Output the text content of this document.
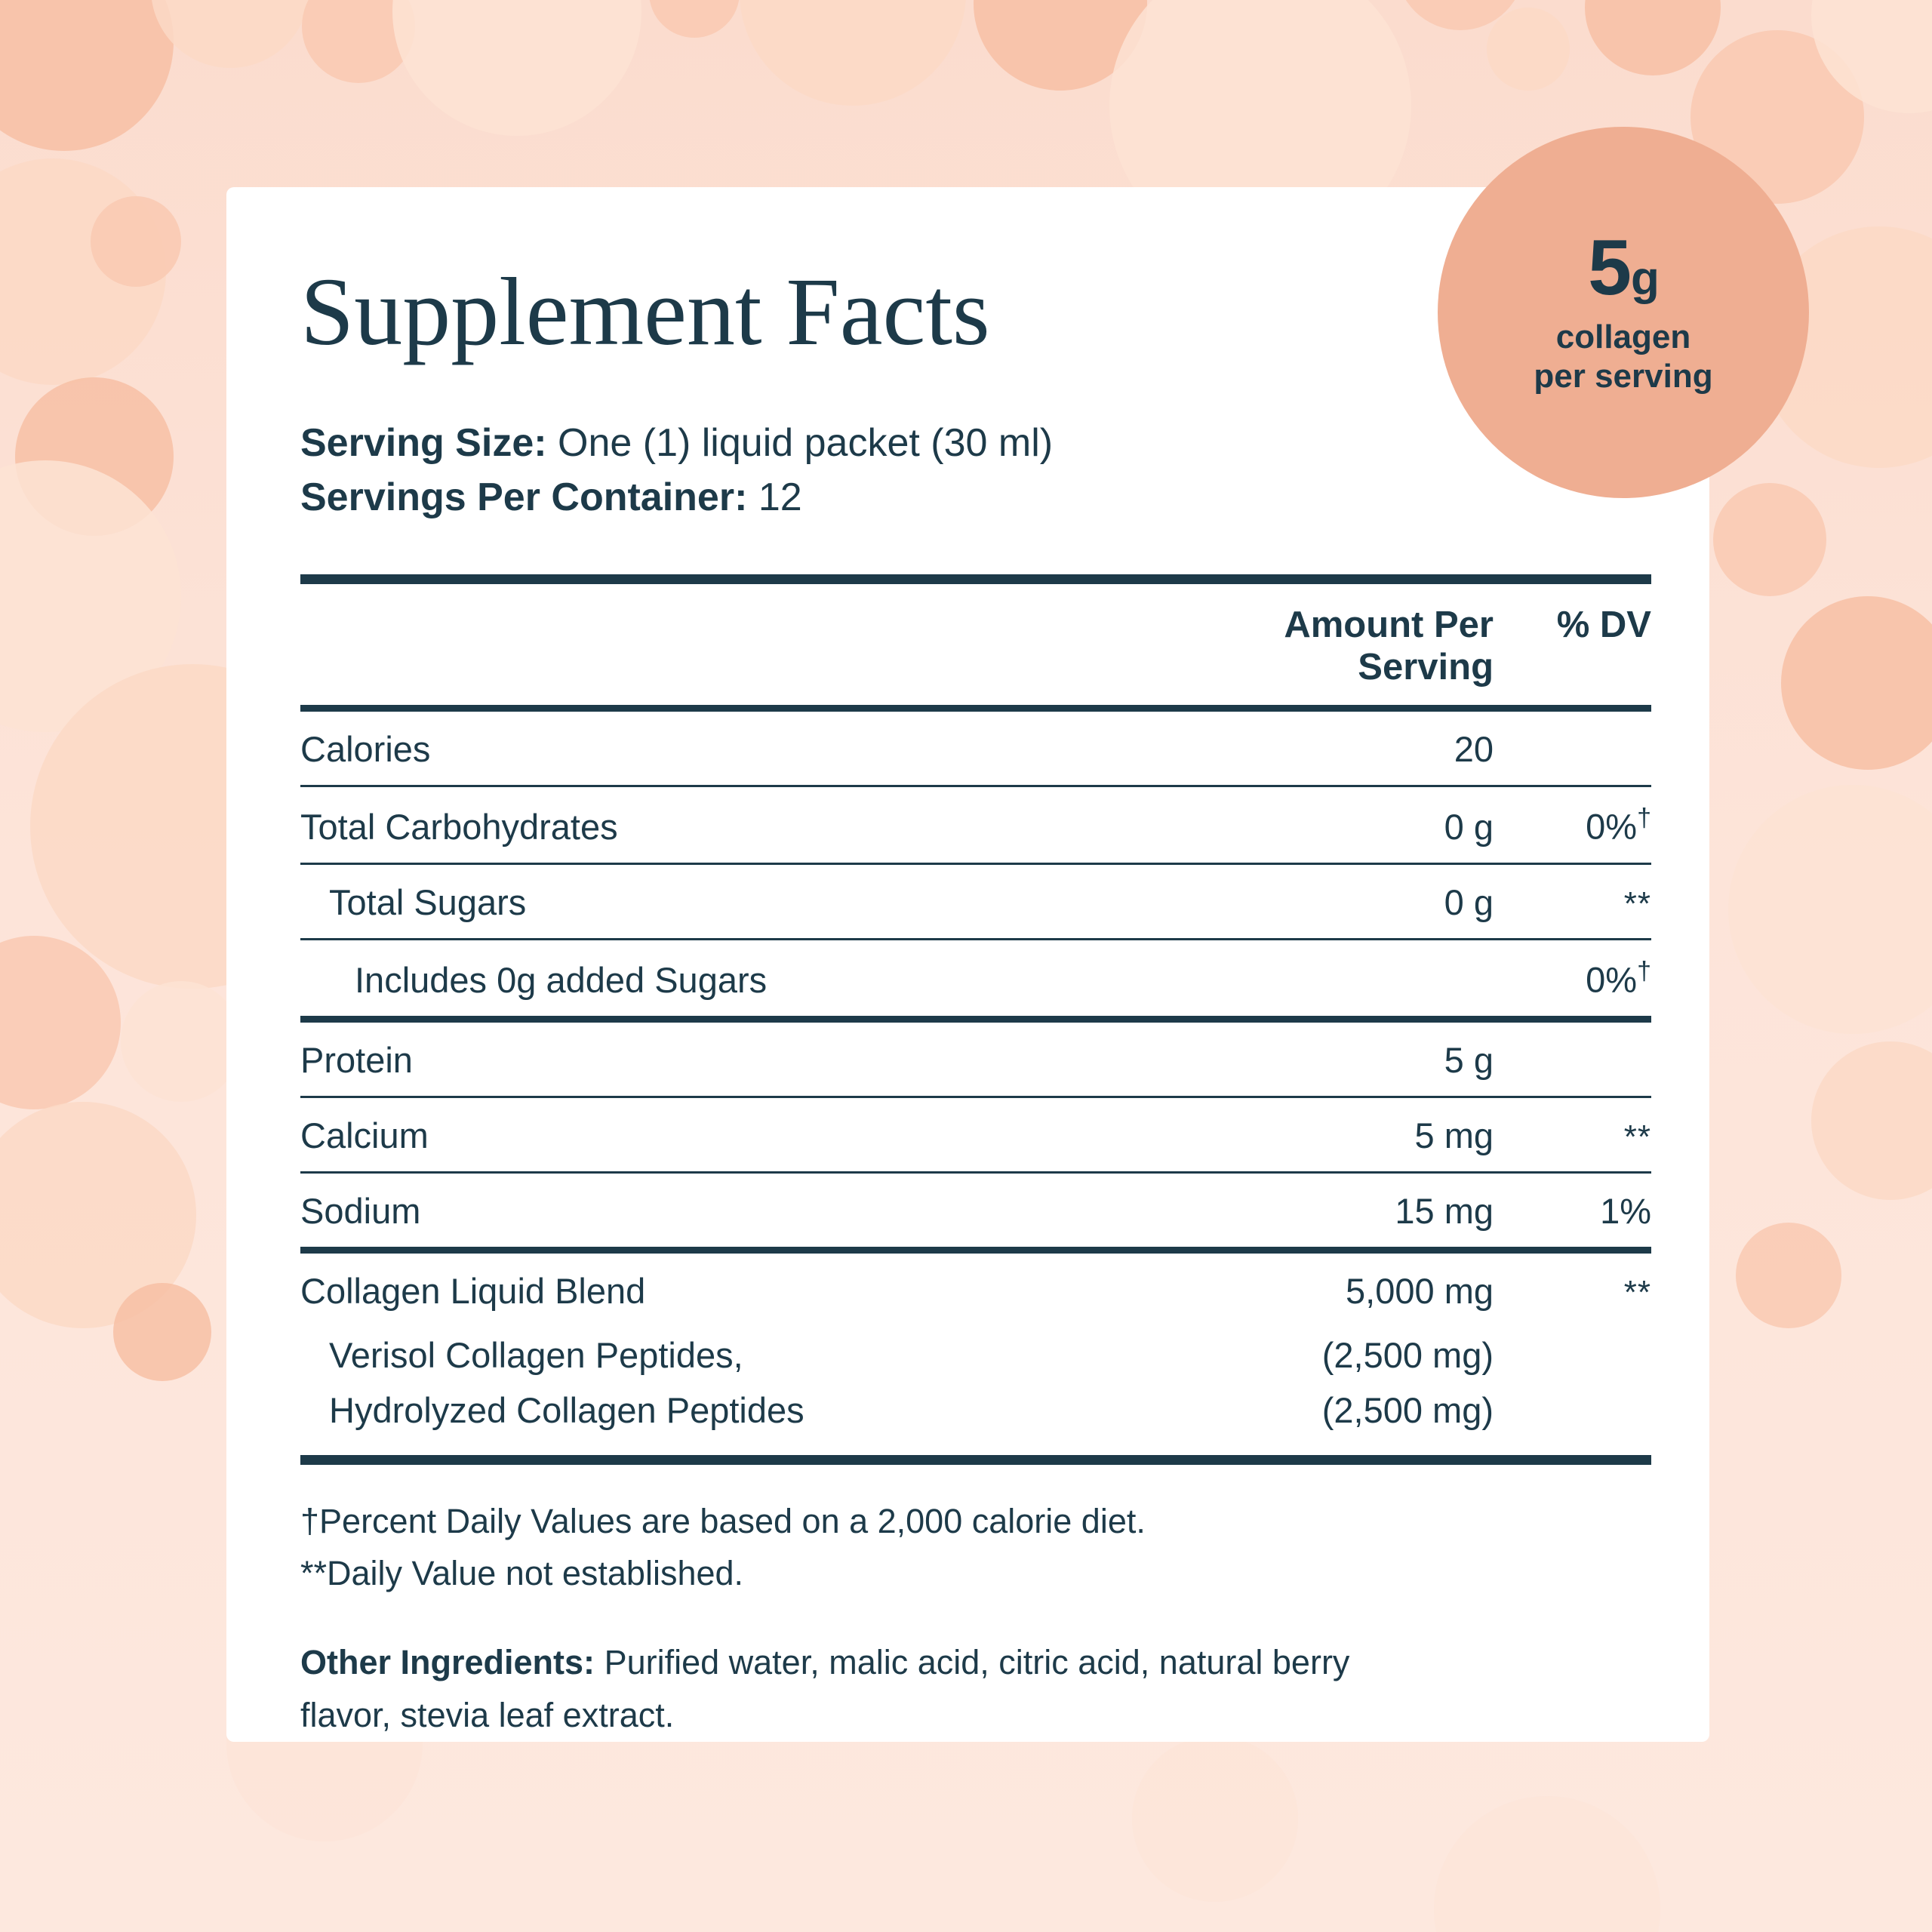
Supplement Facts
Serving Size: One (1) liquid packet (30 ml)
Servings Per Container: 12

	Amount Per Serving	% DV

Calories	20	

Total Carbohydrates	0 g	0%†

Total Sugars	0 g	**

Includes 0g added Sugars		0%†

Protein	5 g	

Calcium	5 mg	**

Sodium	15 mg	1%

Collagen Liquid Blend	5,000 mg	**
Verisol Collagen Peptides,	(2,500 mg)	
Hydrolyzed Collagen Peptides	(2,500 mg)	

†Percent Daily Values are based on a 2,000 calorie diet.
**Daily Value not established.
Other Ingredients: Purified water, malic acid, citric acid, natural berry flavor, stevia leaf extract.
5g
collagen
per serving
